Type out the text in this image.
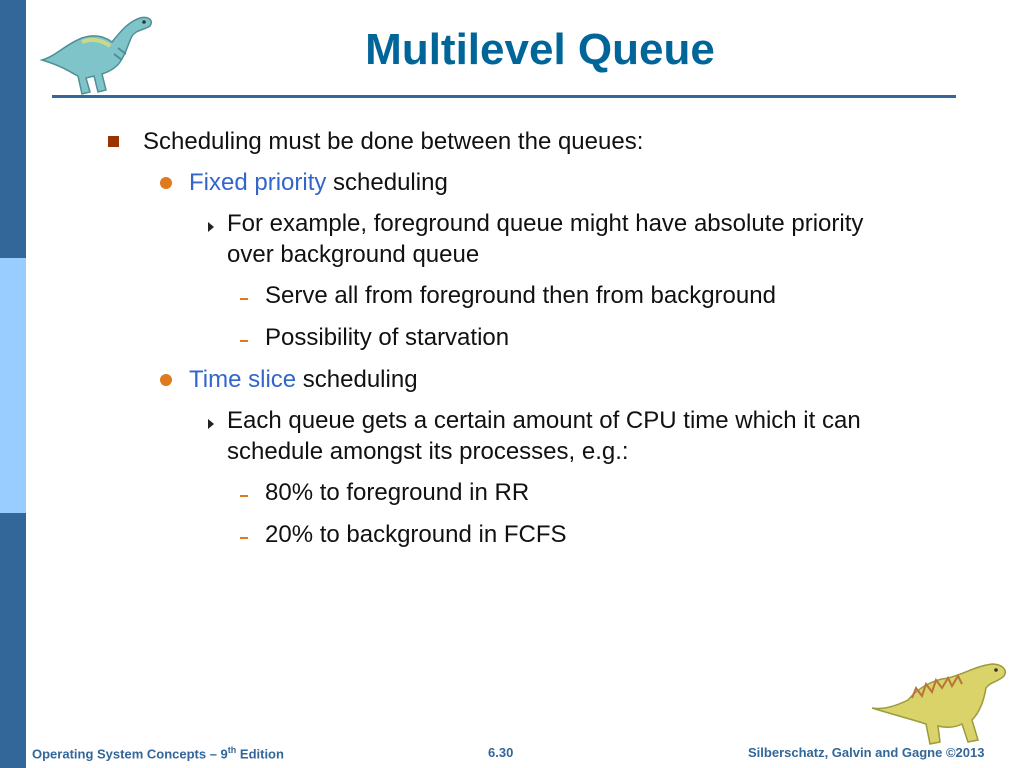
Multilevel Queue
Scheduling must be done between the queues:
Fixed priority scheduling
For example, foreground queue might have absolute priority
over background queue
Serve all from foreground then from background
Possibility of starvation
Time slice scheduling
Each queue gets a certain amount of CPU time which it can
schedule amongst its processes, e.g.:
80% to foreground in RR
20% to background in FCFS
Operating System Concepts – 9th Edition	6.30	Silberschatz, Galvin and Gagne ©2013
